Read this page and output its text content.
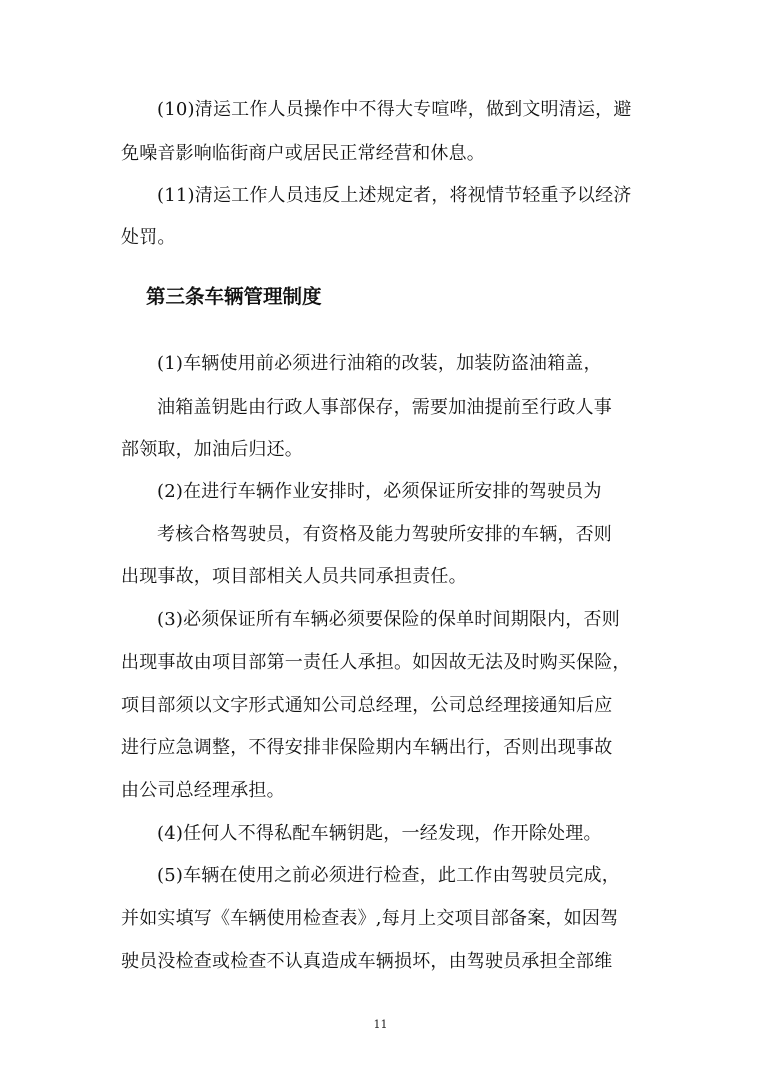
(10)清运工作人员操作中不得大专喧哗，做到文明清运，避
免噪音影响临街商户或居民正常经营和休息。
(11)清运工作人员违反上述规定者，将视情节轻重予以经济
处罚。
第三条车辆管理制度
(1)车辆使用前必须进行油箱的改装，加装防盗油箱盖，
油箱盖钥匙由行政人事部保存，需要加油提前至行政人事
部领取，加油后归还。
(2)在进行车辆作业安排时，必须保证所安排的驾驶员为
考核合格驾驶员，有资格及能力驾驶所安排的车辆，否则
出现事故，项目部相关人员共同承担责任。
(3)必须保证所有车辆必须要保险的保单时间期限内，否则
出现事故由项目部第一责任人承担。如因故无法及时购买保险，
项目部须以文字形式通知公司总经理，公司总经理接通知后应
进行应急调整，不得安排非保险期内车辆出行，否则出现事故
由公司总经理承担。
(4)任何人不得私配车辆钥匙，一经发现，作开除处理。
(5)车辆在使用之前必须进行检查，此工作由驾驶员完成，
并如实填写《车辆使用检查表》,每月上交项目部备案，如因驾
驶员没检查或检查不认真造成车辆损坏，由驾驶员承担全部维
11
